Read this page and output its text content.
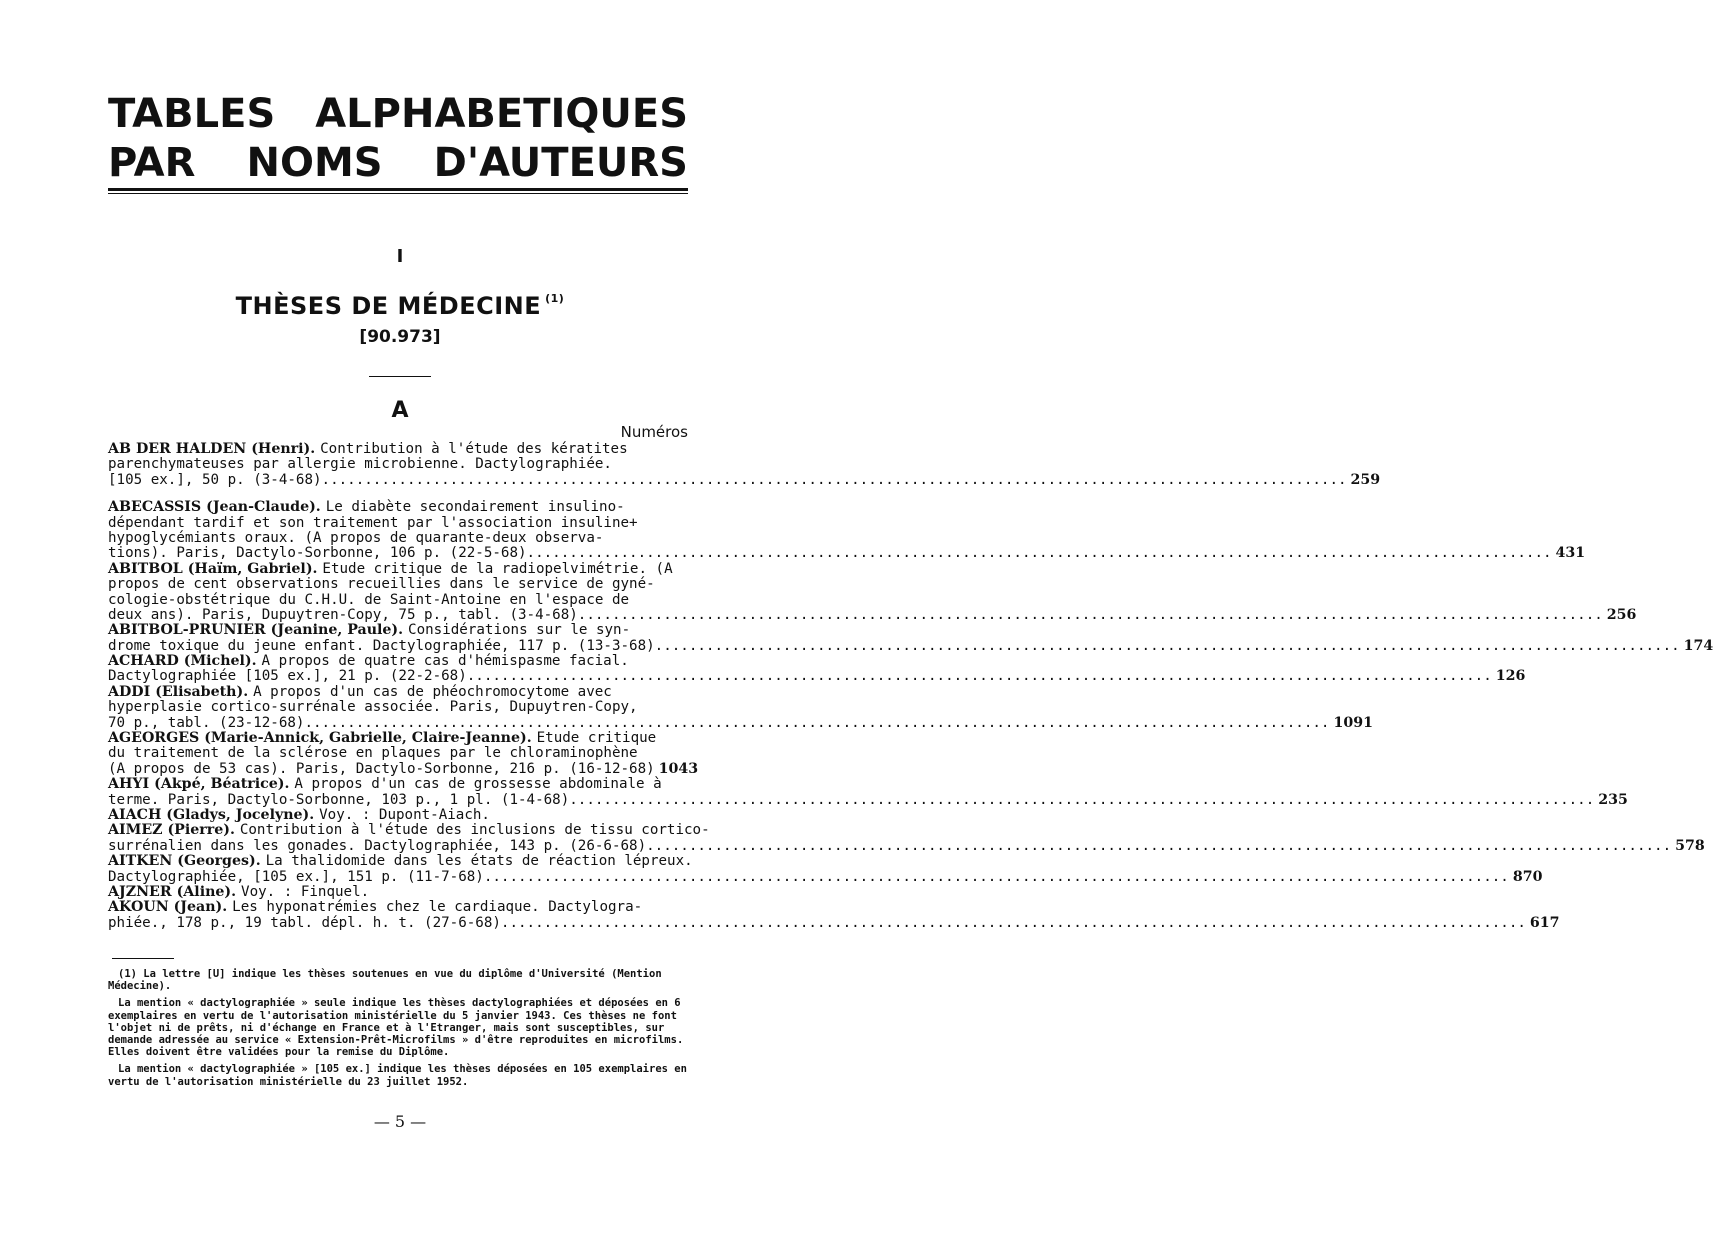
TABLES ALPHABETIQUES
PAR NOMS D'AUTEURS
I
THÈSES DE MÉDECINE $^{(1)}$
[90.973]
A
Numéros
AB DER HALDEN (Henri). Contribution à l'étude des kératites
parenchymateuses par allergie microbienne. Dactylographiée.
[105 ex.], 50 p. (3-4-68) ........................................................................................................................ 259
ABECASSIS (Jean-Claude). Le diabète secondairement insulino-
dépendant tardif et son traitement par l'association insuline+
hypoglycémiants oraux. (A propos de quarante-deux observa-
tions). Paris, Dactylo-Sorbonne, 106 p. (22-5-68) ........................................................................................................................ 431
ABITBOL (Haïm, Gabriel). Etude critique de la radiopelvimétrie. (A
propos de cent observations recueillies dans le service de gyné-
cologie-obstétrique du C.H.U. de Saint-Antoine en l'espace de
deux ans). Paris, Dupuytren-Copy, 75 p., tabl. (3-4-68) ........................................................................................................................ 256
ABITBOL-PRUNIER (Jeanine, Paule). Considérations sur le syn-
drome toxique du jeune enfant. Dactylographiée, 117 p. (13-3-68) ........................................................................................................................ 174
ACHARD (Michel). A propos de quatre cas d'hémispasme facial.
Dactylographiée [105 ex.], 21 p. (22-2-68) ........................................................................................................................ 126
ADDI (Elisabeth). A propos d'un cas de phéochromocytome avec
hyperplasie cortico-surrénale associée. Paris, Dupuytren-Copy,
70 p., tabl. (23-12-68) ........................................................................................................................ 1091
AGEORGES (Marie-Annick, Gabrielle, Claire-Jeanne). Etude critique
du traitement de la sclérose en plaques par le chloraminophène
(A propos de 53 cas). Paris, Dactylo-Sorbonne, 216 p. (16-12-68) 1043
AHYI (Akpé, Béatrice). A propos d'un cas de grossesse abdominale à
terme. Paris, Dactylo-Sorbonne, 103 p., 1 pl. (1-4-68) ........................................................................................................................ 235
AIACH (Gladys, Jocelyne). Voy. : Dupont-Aiach.
AIMEZ (Pierre). Contribution à l'étude des inclusions de tissu cortico-
surrénalien dans les gonades. Dactylographiée, 143 p. (26-6-68) ........................................................................................................................ 578
AITKEN (Georges). La thalidomide dans les états de réaction lépreux.
Dactylographiée, [105 ex.], 151 p. (11-7-68) ........................................................................................................................ 870
AJZNER (Aline). Voy. : Finquel.
AKOUN (Jean). Les hyponatrémies chez le cardiaque. Dactylogra-
phiée., 178 p., 19 tabl. dépl. h. t. (27-6-68) ........................................................................................................................ 617

(1) La lettre [U] indique les thèses soutenues en vue du diplôme d'Université (Mention Médecine).

La mention « dactylographiée » seule indique les thèses dactylographiées et déposées en 6 exemplaires en vertu de l'autorisation ministérielle du 5 janvier 1943. Ces thèses ne font l'objet ni de prêts, ni d'échange en France et à l'Etranger, mais sont susceptibles, sur demande adressée au service « Extension-Prêt-Microfilms » d'être reproduites en microfilms. Elles doivent être validées pour la remise du Diplôme.

La mention « dactylographiée » [105 ex.] indique les thèses déposées en 105 exemplaires en vertu de l'autorisation ministérielle du 23 juillet 1952.

— 5 —
